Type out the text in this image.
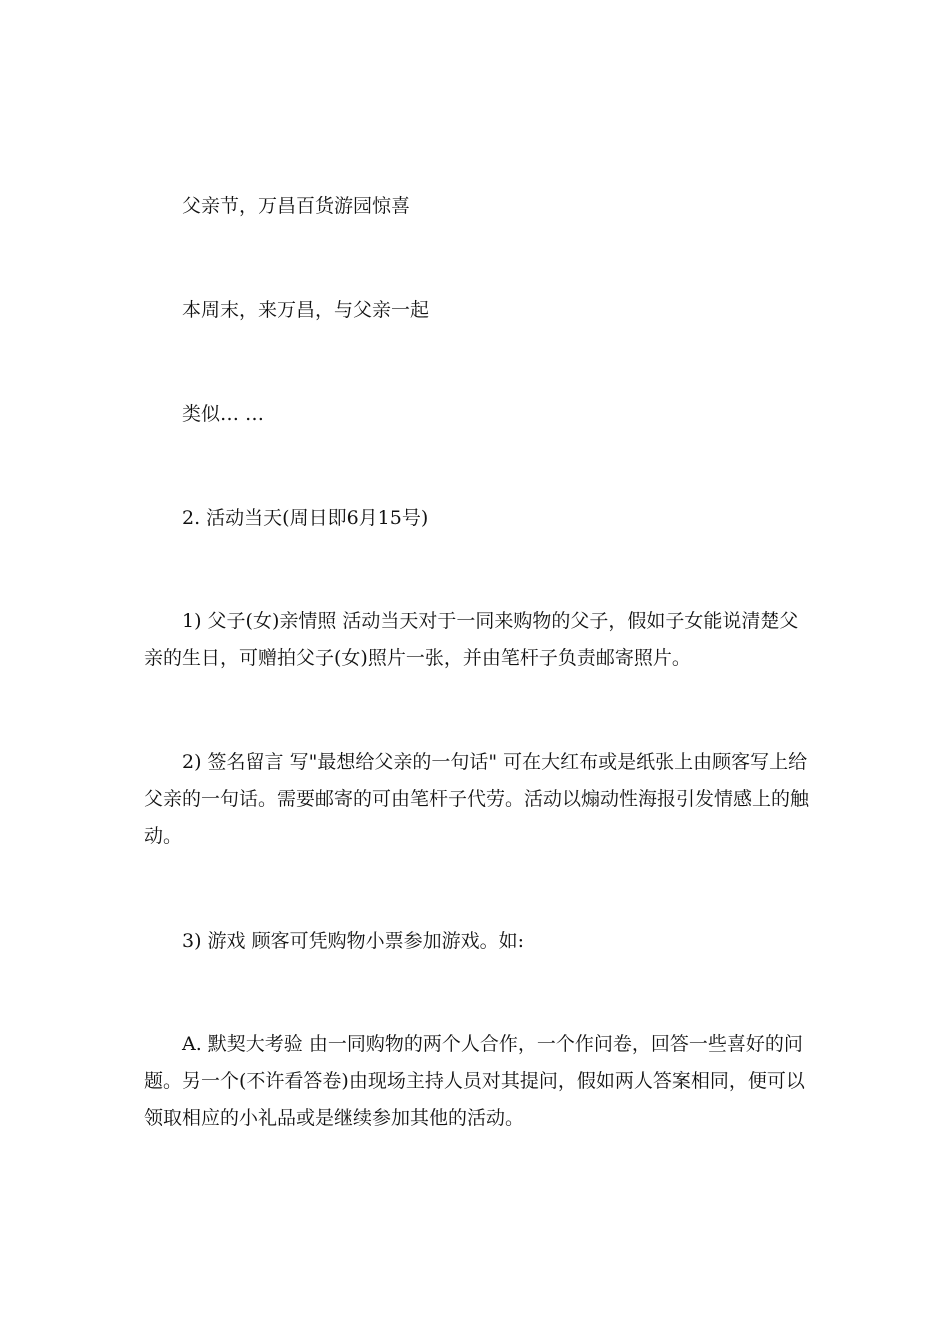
父亲节，万昌百货游园惊喜

本周末，来万昌，与父亲一起

类似… …

2. 活动当天(周日即6月15号)

1) 父子(女)亲情照 活动当天对于一同来购物的父子，假如子女能说清楚父亲的生日，可赠拍父子(女)照片一张，并由笔杆子负责邮寄照片。

2) 签名留言 写"最想给父亲的一句话" 可在大红布或是纸张上由顾客写上给父亲的一句话。需要邮寄的可由笔杆子代劳。活动以煽动性海报引发情感上的触动。

3) 游戏 顾客可凭购物小票参加游戏。如:

A. 默契大考验 由一同购物的两个人合作，一个作问卷，回答一些喜好的问题。另一个(不许看答卷)由现场主持人员对其提问，假如两人答案相同，便可以领取相应的小礼品或是继续参加其他的活动。
